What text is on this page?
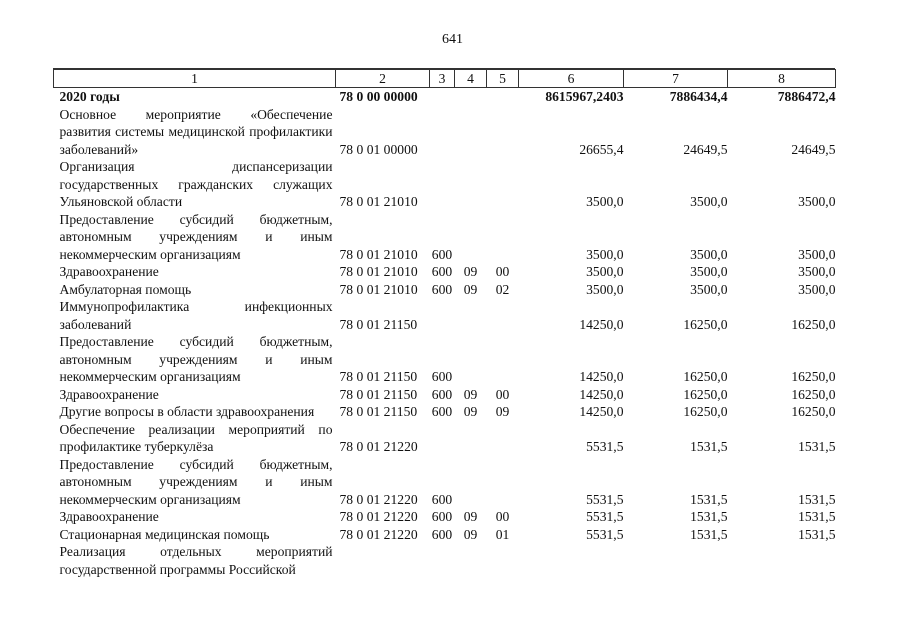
641
1	2	3	4	5	6	7	8
2020 годы	78 0 00 00000				8615967,2403	7886434,4	7886472,4
Основное мероприятие «Обеспечение развития системы медицинской профилактики заболеваний»	78 0 01 00000				26655,4	24649,5	24649,5
Организация диспансеризации государственных гражданских служащих Ульяновской области	78 0 01 21010				3500,0	3500,0	3500,0
Предоставление субсидий бюджетным, автономным учреждениям и иным некоммерческим организациям	78 0 01 21010	600			3500,0	3500,0	3500,0
Здравоохранение	78 0 01 21010	600	09	00	3500,0	3500,0	3500,0
Амбулаторная помощь	78 0 01 21010	600	09	02	3500,0	3500,0	3500,0
Иммунопрофилактика инфекционных заболеваний	78 0 01 21150				14250,0	16250,0	16250,0
Предоставление субсидий бюджетным, автономным учреждениям и иным некоммерческим организациям	78 0 01 21150	600			14250,0	16250,0	16250,0
Здравоохранение	78 0 01 21150	600	09	00	14250,0	16250,0	16250,0
Другие вопросы в области здравоохранения	78 0 01 21150	600	09	09	14250,0	16250,0	16250,0
Обеспечение реализации мероприятий по профилактике туберкулёза	78 0 01 21220				5531,5	1531,5	1531,5
Предоставление субсидий бюджетным, автономным учреждениям и иным некоммерческим организациям	78 0 01 21220	600			5531,5	1531,5	1531,5
Здравоохранение	78 0 01 21220	600	09	00	5531,5	1531,5	1531,5
Стационарная медицинская помощь	78 0 01 21220	600	09	01	5531,5	1531,5	1531,5
Реализация отдельных мероприятий государственной программы Российской							
